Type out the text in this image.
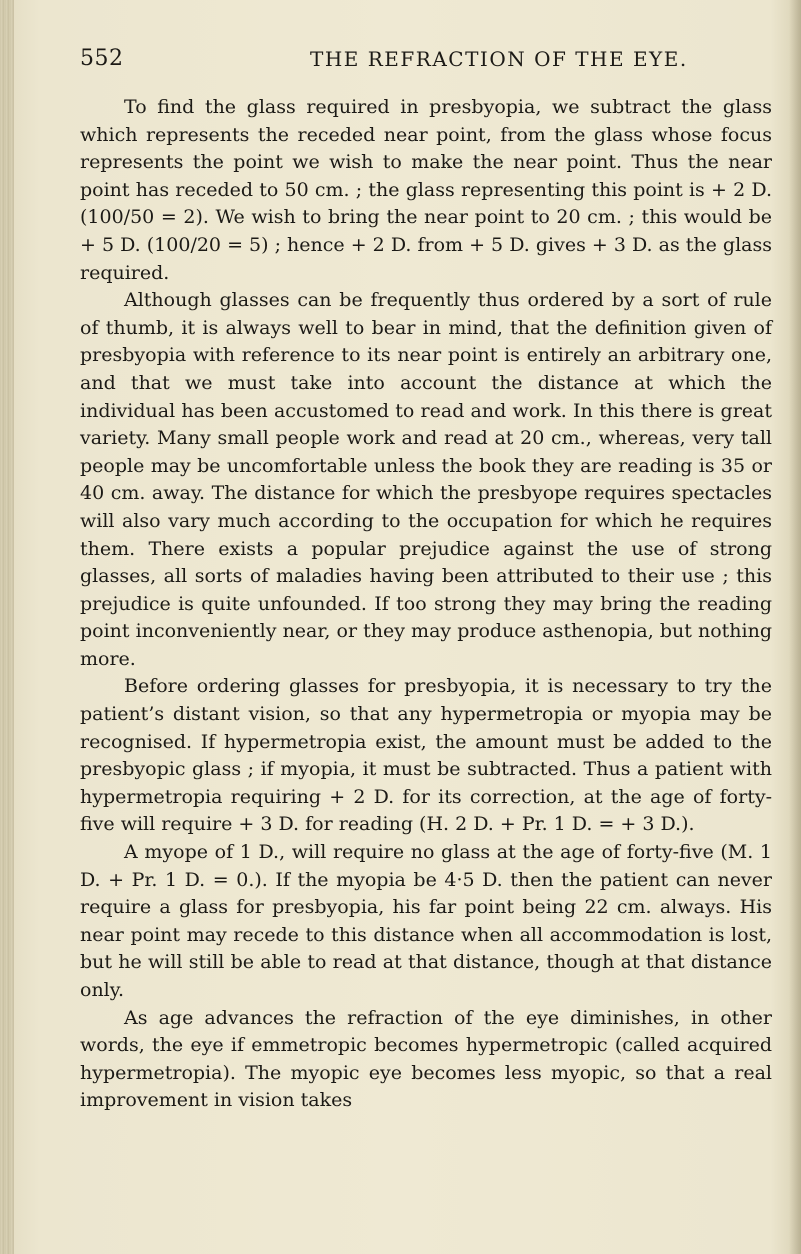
552	THE REFRACTION OF THE EYE.

To find the glass required in presbyopia, we subtract the glass which represents the receded near point, from the glass whose focus represents the point we wish to make the near point. Thus the near point has receded to 50 cm. ; the glass representing this point is + 2 D. (100/50 = 2). We wish to bring the near point to 20 cm. ; this would be + 5 D. (100/20 = 5) ; hence + 2 D. from + 5 D. gives + 3 D. as the glass required.

Although glasses can be frequently thus ordered by a sort of rule of thumb, it is always well to bear in mind, that the definition given of presbyopia with reference to its near point is entirely an arbitrary one, and that we must take into account the distance at which the individual has been accustomed to read and work. In this there is great variety. Many small people work and read at 20 cm., whereas, very tall people may be uncomfortable unless the book they are reading is 35 or 40 cm. away. The distance for which the presbyope requires spectacles will also vary much according to the occupation for which he requires them. There exists a popular prejudice against the use of strong glasses, all sorts of maladies having been attributed to their use ; this prejudice is quite unfounded. If too strong they may bring the reading point inconveniently near, or they may produce asthenopia, but nothing more.

Before ordering glasses for presbyopia, it is necessary to try the patient’s distant vision, so that any hypermetropia or myopia may be recognised. If hypermetropia exist, the amount must be added to the presbyopic glass ; if myopia, it must be subtracted. Thus a patient with hypermetropia requiring + 2 D. for its correction, at the age of forty-five will require + 3 D. for reading (H. 2 D. + Pr. 1 D. = + 3 D.).

A myope of 1 D., will require no glass at the age of forty-five (M. 1 D. + Pr. 1 D. = 0.). If the myopia be 4·5 D. then the patient can never require a glass for presbyopia, his far point being 22 cm. always. His near point may recede to this distance when all accommodation is lost, but he will still be able to read at that distance, though at that distance only.

As age advances the refraction of the eye diminishes, in other words, the eye if emmetropic becomes hypermetropic (called acquired hypermetropia). The myopic eye becomes less myopic, so that a real improvement in vision takes
